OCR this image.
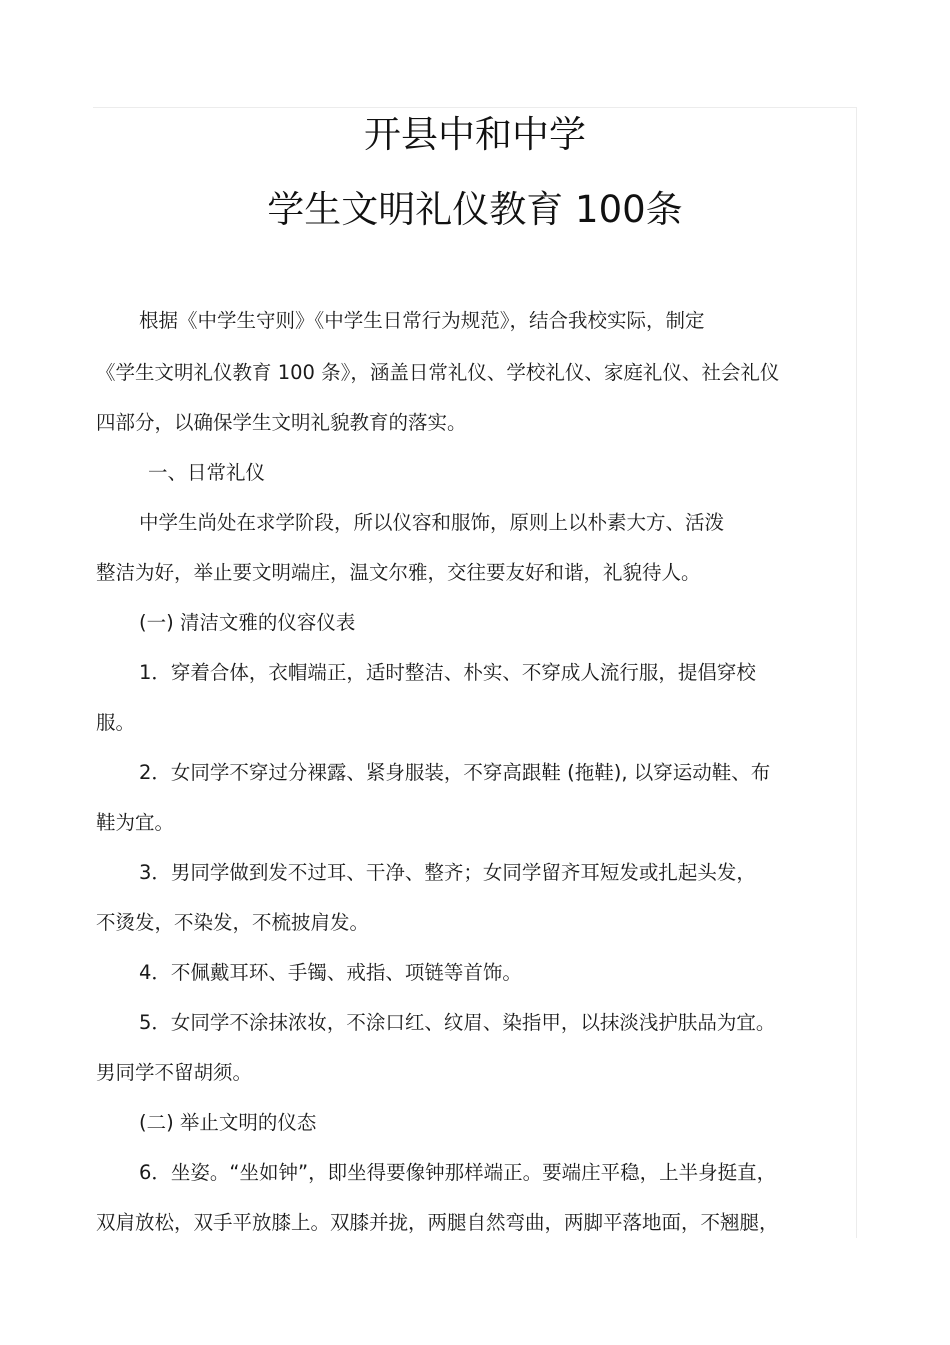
开县中和中学
学生文明礼仪教育 100条
根据《中学生守则》《中学生日常行为规范》，结合我校实际，制定
《学生文明礼仪教育 100 条》，涵盖日常礼仪、学校礼仪、家庭礼仪、社会礼仪
四部分，以确保学生文明礼貌教育的落实。
一、日常礼仪
中学生尚处在求学阶段，所以仪容和服饰，原则上以朴素大方、活泼
整洁为好，举止要文明端庄，温文尔雅，交往要友好和谐，礼貌待人。
(一) 清洁文雅的仪容仪表
1．穿着合体，衣帽端正，适时整洁、朴实、不穿成人流行服，提倡穿校
服。
2．女同学不穿过分裸露、紧身服装，不穿高跟鞋 (拖鞋), 以穿运动鞋、布
鞋为宜。
3．男同学做到发不过耳、干净、整齐；女同学留齐耳短发或扎起头发，
不烫发，不染发，不梳披肩发。
4．不佩戴耳环、手镯、戒指、项链等首饰。
5．女同学不涂抹浓妆，不涂口红、纹眉、染指甲，以抹淡浅护肤品为宜。
男同学不留胡须。
(二) 举止文明的仪态
6．坐姿。“坐如钟”，即坐得要像钟那样端正。要端庄平稳，上半身挺直，
双肩放松，双手平放膝上。双膝并拢，两腿自然弯曲，两脚平落地面，不翘腿，
